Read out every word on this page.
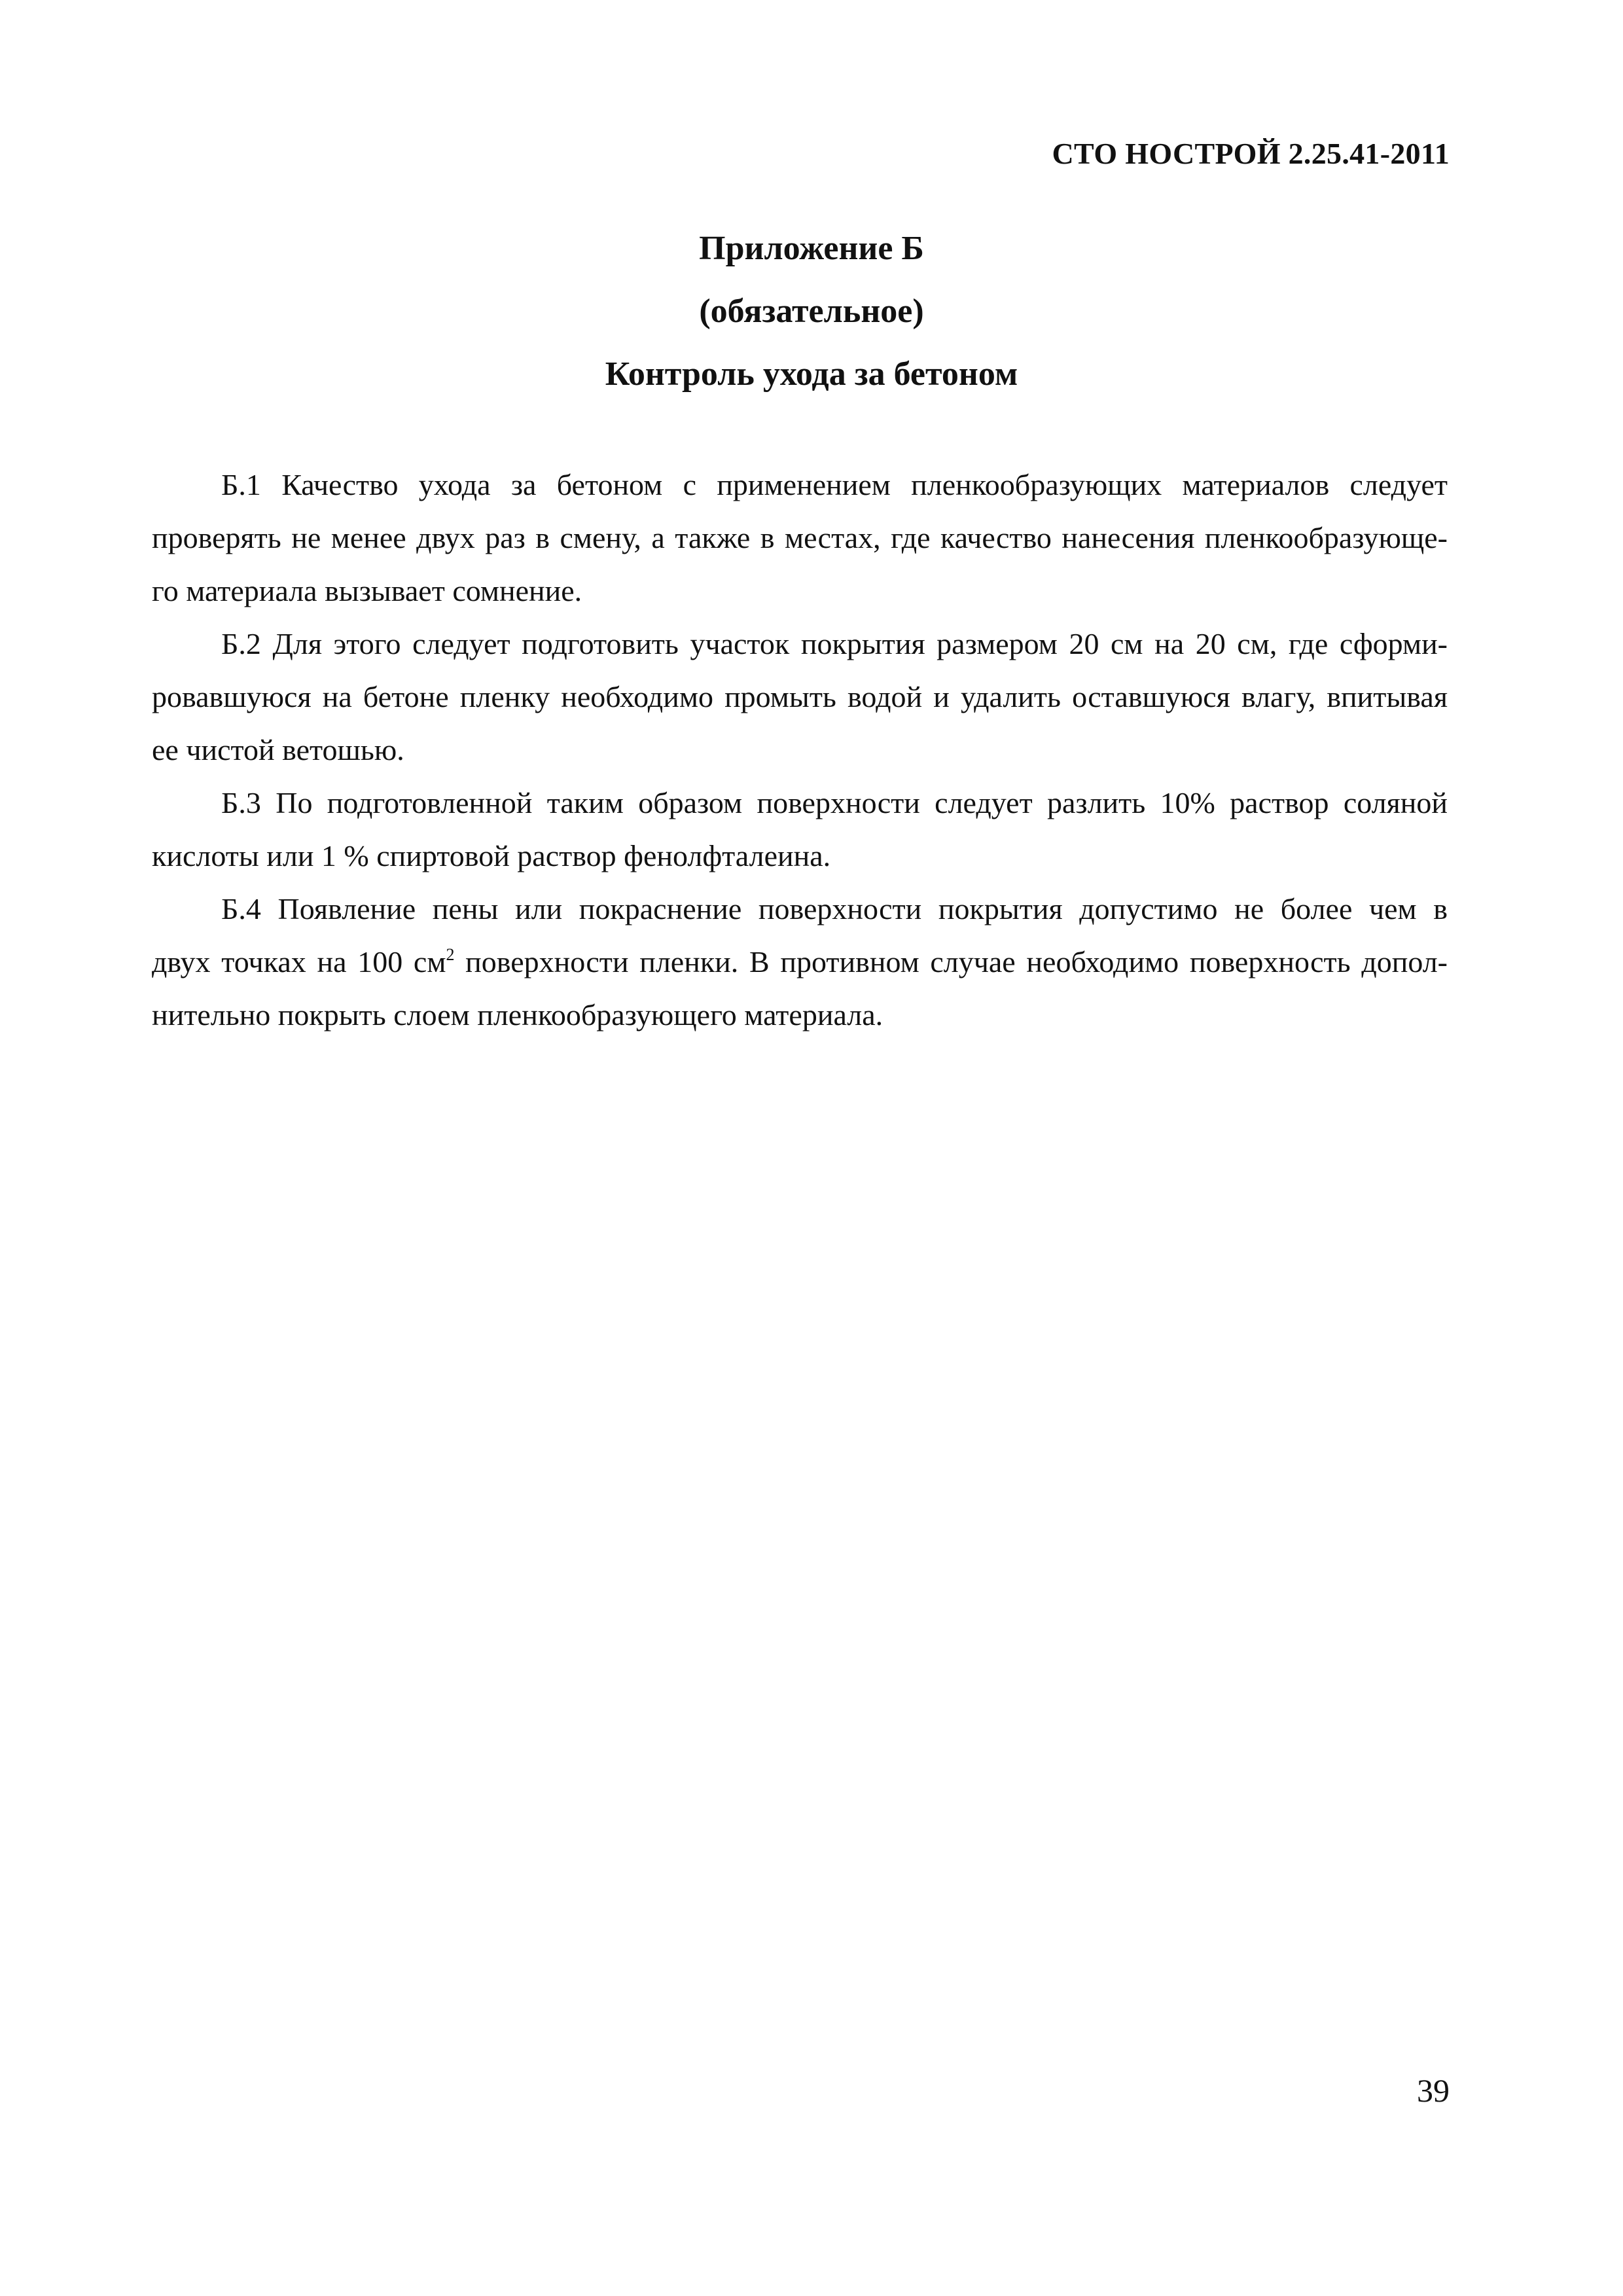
СТО НОСТРОЙ 2.25.41-2011
Приложение Б
(обязательное)
Контроль ухода за бетоном

Б.1 Качество ухода за бетоном с применением пленкообразующих материалов следует
проверять не менее двух раз в смену, а также в местах, где качество нанесения пленкообразующе-
го материала вызывает сомнение.

Б.2 Для этого следует подготовить участок покрытия размером 20 см на 20 см, где сформи-
ровавшуюся на бетоне пленку необходимо промыть водой и удалить оставшуюся влагу, впитывая
ее чистой ветошью.

Б.3 По подготовленной таким образом поверхности следует разлить 10% раствор соляной
кислоты или 1 % спиртовой раствор фенолфталеина.

Б.4 Появление пены или покраснение поверхности покрытия допустимо не более чем в
двух точках на 100 $см^2$ поверхности пленки. В противном случае необходимо поверхность допол-
нительно покрыть слоем пленкообразующего материала.

39
